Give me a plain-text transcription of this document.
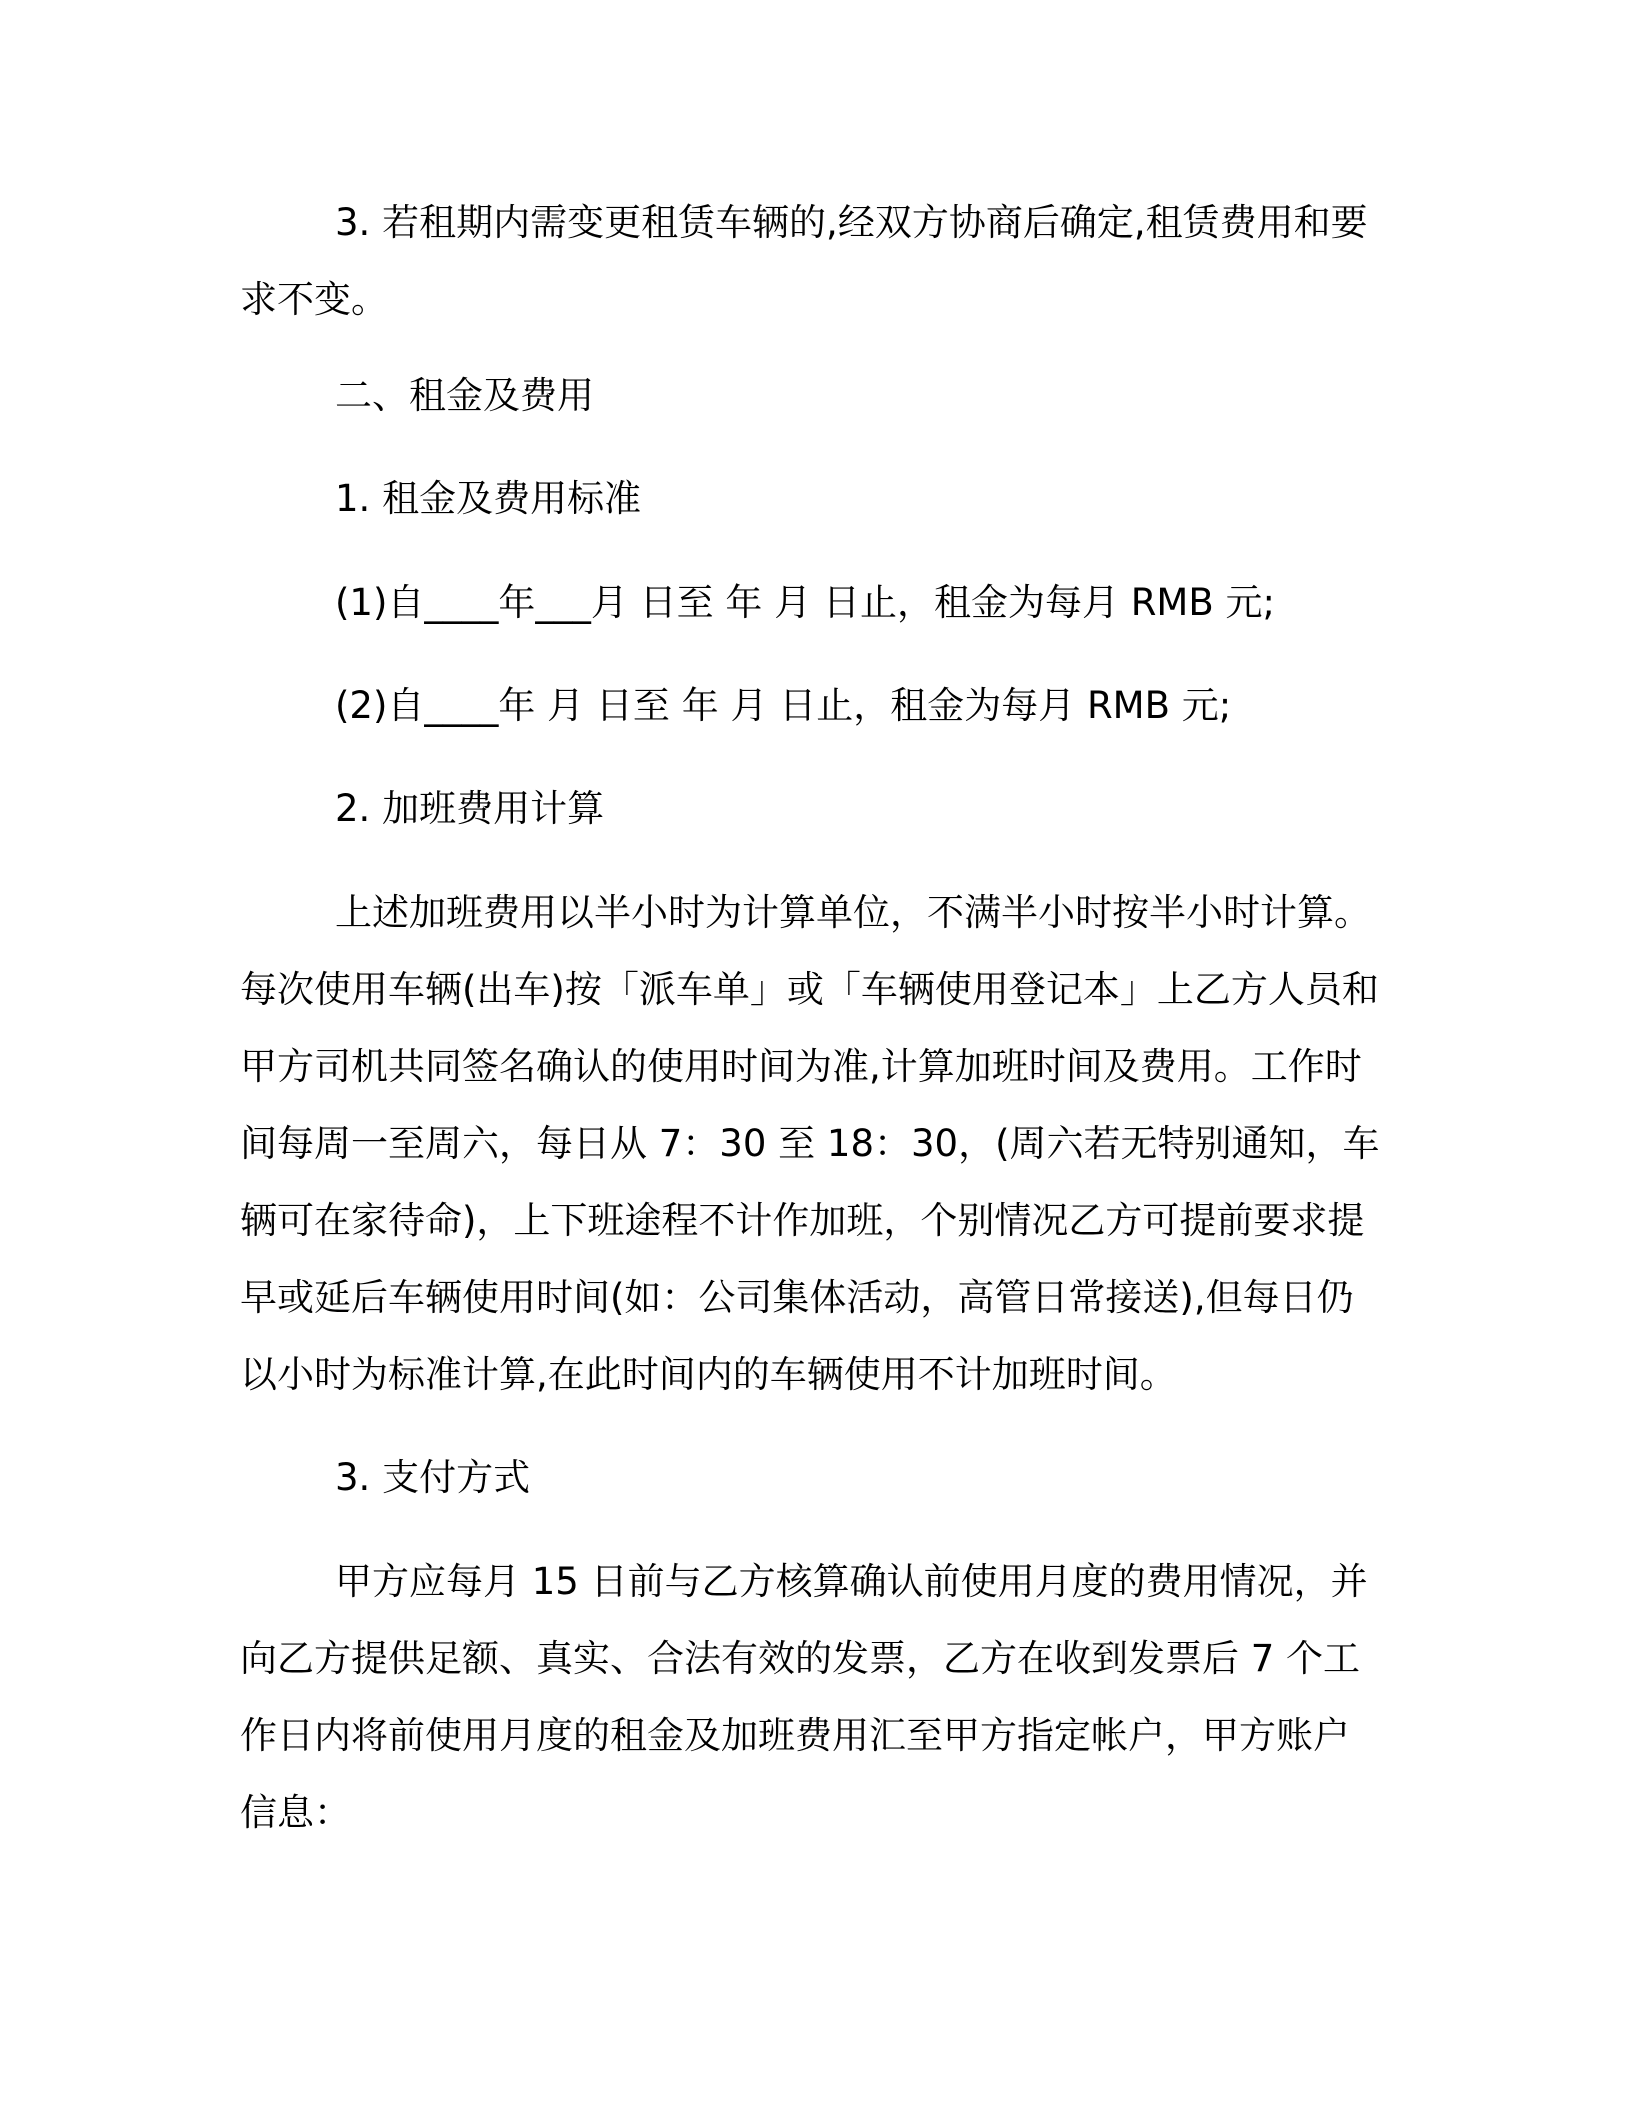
3. 若租期内需变更租赁车辆的,经双方协商后确定,租赁费用和要求不变。

二、租金及费用

1. 租金及费用标准

(1)自____年___月 日至 年 月 日止，租金为每月 RMB 元;

(2)自____年 月 日至 年 月 日止，租金为每月 RMB 元;

2. 加班费用计算

上述加班费用以半小时为计算单位，不满半小时按半小时计算。每次使用车辆(出车)按「派车单」或「车辆使用登记本」上乙方人员和甲方司机共同签名确认的使用时间为准,计算加班时间及费用。工作时间每周一至周六，每日从 7：30 至 18：30，(周六若无特别通知，车辆可在家待命)，上下班途程不计作加班，个别情况乙方可提前要求提早或延后车辆使用时间(如：公司集体活动，高管日常接送),但每日仍以小时为标准计算,在此时间内的车辆使用不计加班时间。

3. 支付方式

甲方应每月 15 日前与乙方核算确认前使用月度的费用情况，并向乙方提供足额、真实、合法有效的发票，乙方在收到发票后 7 个工作日内将前使用月度的租金及加班费用汇至甲方指定帐户，甲方账户信息：
